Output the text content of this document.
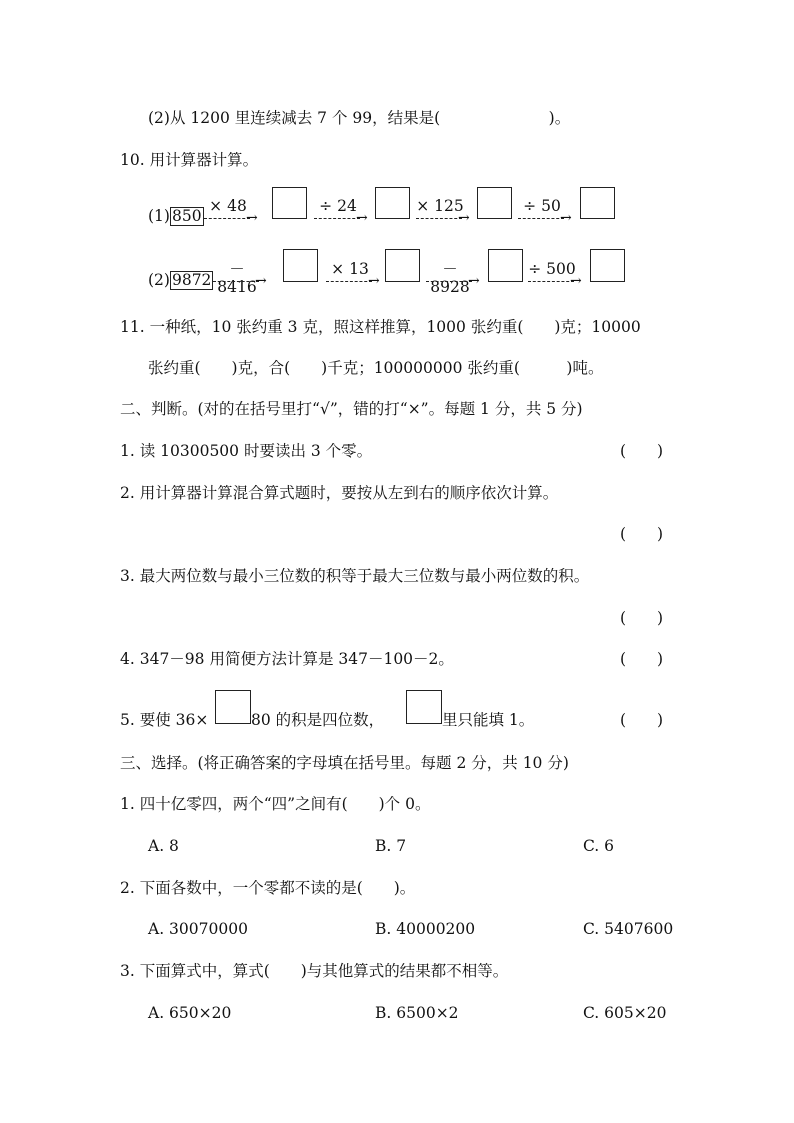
(2)从 1200 里连续减去 7 个 99，结果是(　　　　　　　)。
10. 用计算器计算。
(1) 850
× 48
→
÷ 24
→
× 125
→
÷ 50
→
(2) 9872
－8416
→
× 13
→
－8928
→
÷ 500
→
11. 一种纸，10 张约重 3 克，照这样推算，1000 张约重(　　)克；10000
张约重(　　)克，合(　　)千克；100000000 张约重(　　　)吨。
二、判断。(对的在括号里打“√”，错的打“×”。每题 1 分，共 5 分)
1. 读 10300500 时要读出 3 个零。	(　　)
2. 用计算器计算混合算式题时，要按从左到右的顺序依次计算。
(　　)
3. 最大两位数与最小三位数的积等于最大三位数与最小两位数的积。
(　　)
4. 347－98 用简便方法计算是 347－100－2。	(　　)
5. 要使 36×	80 的积是四位数，	里只能填 1。	(　　)
三、选择。(将正确答案的字母填在括号里。每题 2 分，共 10 分)
1. 四十亿零四，两个“四”之间有(　　)个 0。
A. 8	B. 7	C. 6
2. 下面各数中，一个零都不读的是(　　)。
A. 30070000	B. 40000200	C. 5407600
3. 下面算式中，算式(　　)与其他算式的结果都不相等。
A. 650×20	B. 6500×2	C. 605×20
